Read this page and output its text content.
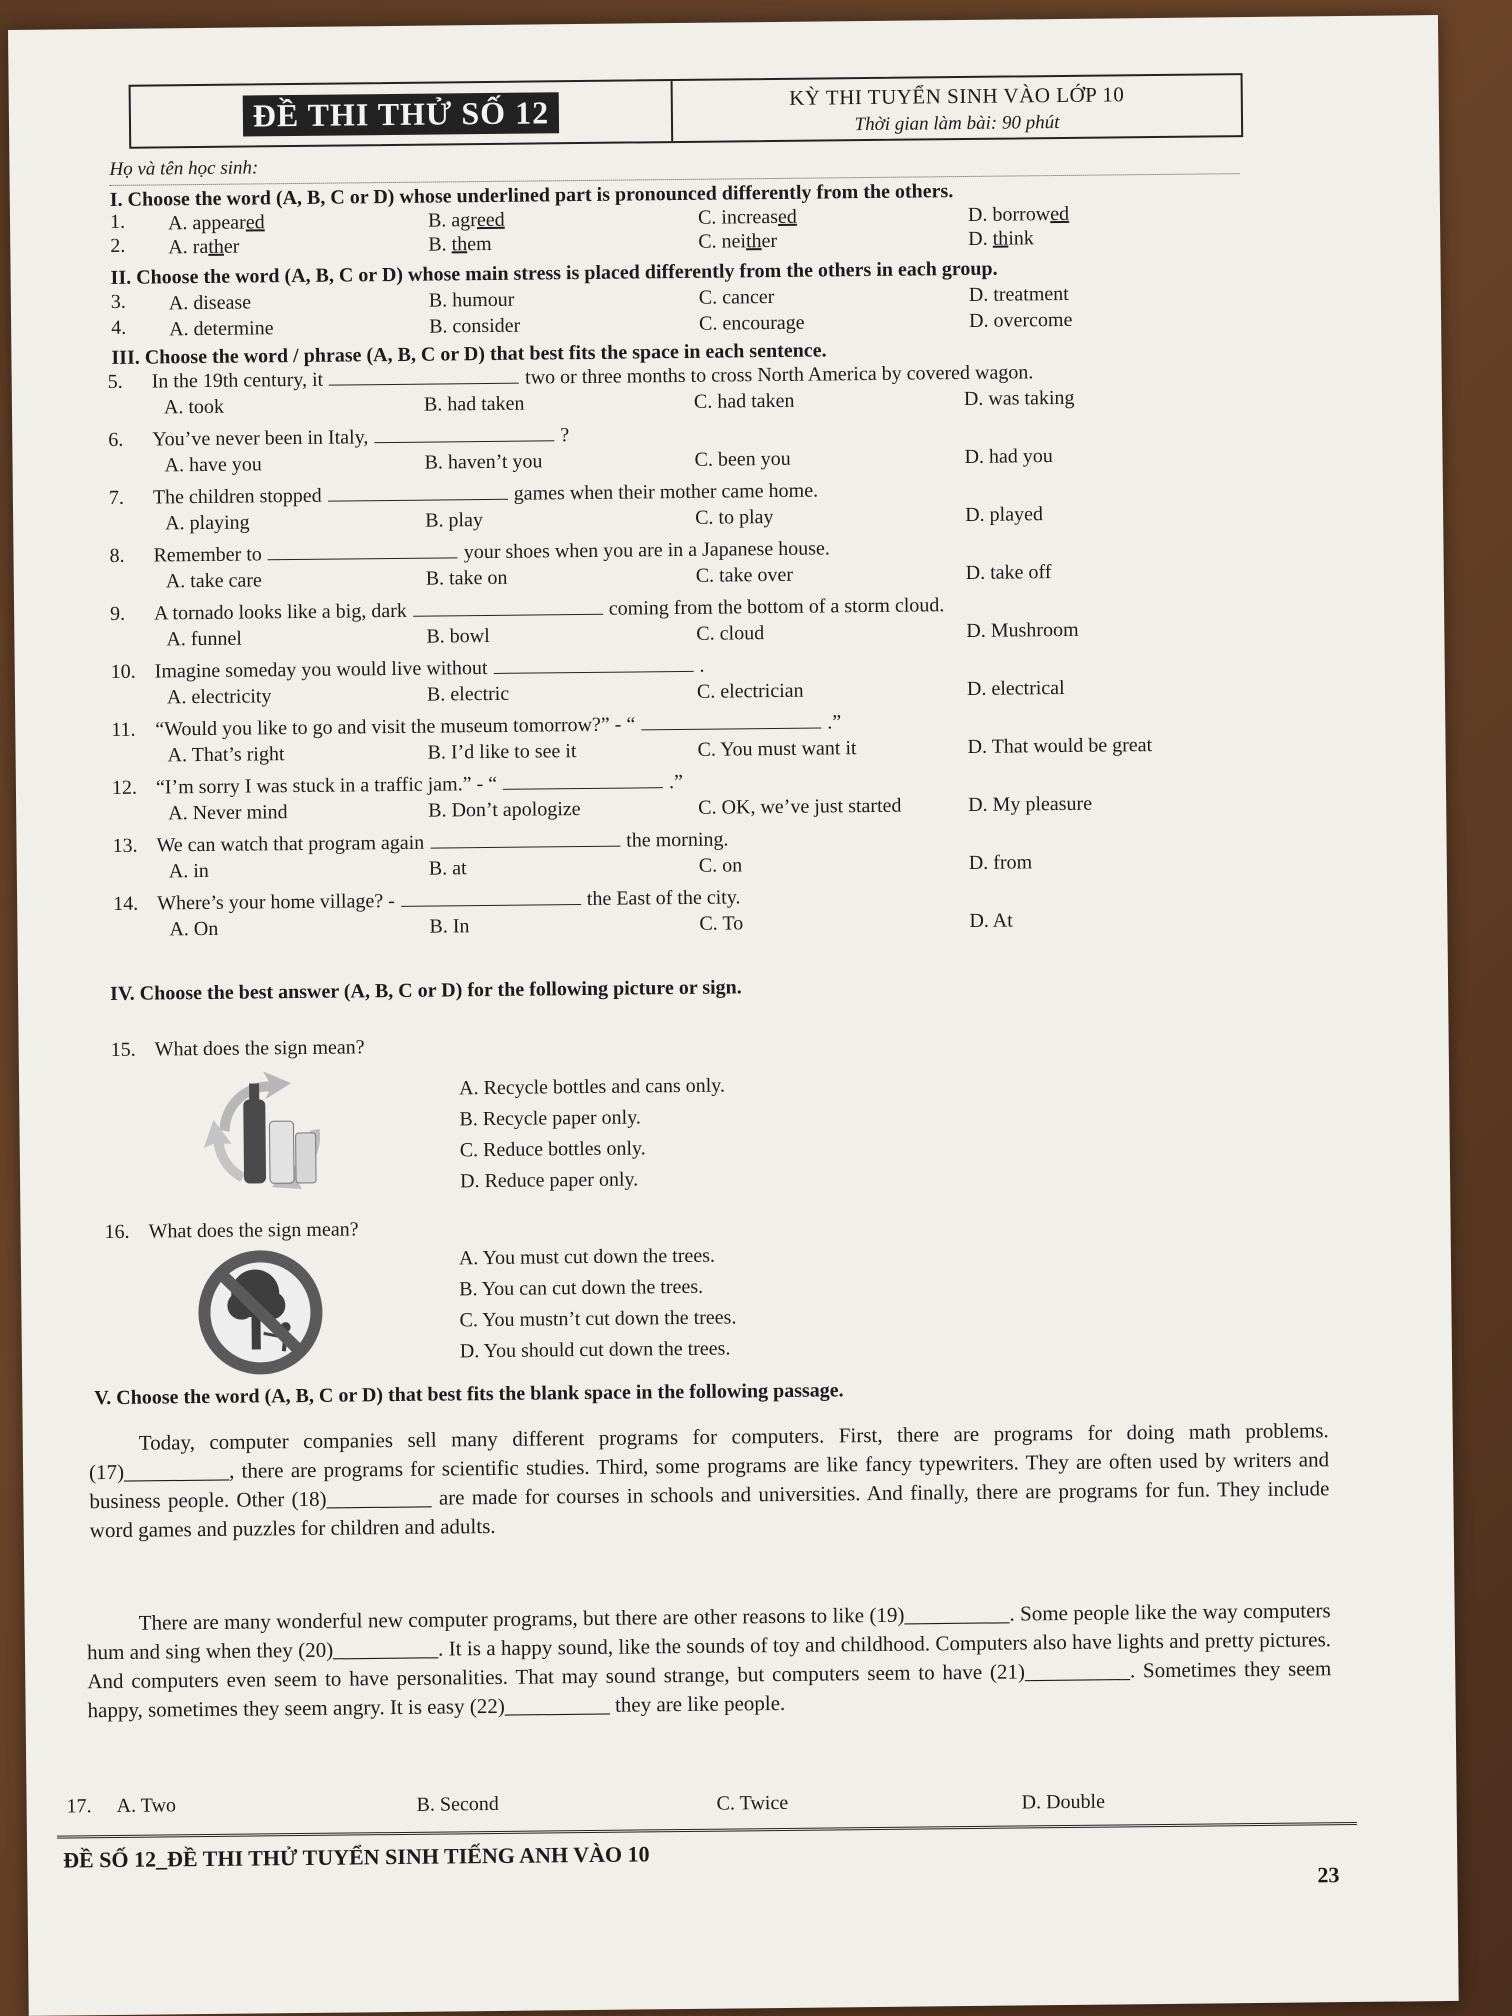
ĐỀ THI THỬ SỐ 12	KỲ THI TUYỂN SINH VÀO LỚP 10
Thời gian làm bài: 90 phút
Họ và tên học sinh:
I. Choose the word (A, B, C or D) whose underlined part is pronounced differently from the others.
1. A. appeared	B. agreed	C. increased	D. borrowed
2. A. rather	B. them	C. neither	D. think
II. Choose the word (A, B, C or D) whose main stress is placed differently from the others in each group.
3. A. disease	B. humour	C. cancer	D. treatment
4. A. determine	B. consider	C. encourage	D. overcome
III. Choose the word / phrase (A, B, C or D) that best fits the space in each sentence.
5. In the 19th century, it	two or three months to cross North America by covered wagon.
A. took	B. had taken	C. had taken	D. was taking
6. You’ve never been in Italy,	?
A. have you	B. haven’t you	C. been you	D. had you
7. The children stopped	games when their mother came home.
A. playing	B. play	C. to play	D. played
8. Remember to	your shoes when you are in a Japanese house.
A. take care	B. take on	C. take over	D. take off
9. A tornado looks like a big, dark	coming from the bottom of a storm cloud.
A. funnel	B. bowl	C. cloud	D. Mushroom
10. Imagine someday you would live without	.
A. electricity	B. electric	C. electrician	D. electrical
11. “Would you like to go and visit the museum tomorrow?” - “	.”
A. That’s right	B. I’d like to see it	C. You must want it	D. That would be great
12. “I’m sorry I was stuck in a traffic jam.” - “	.”
A. Never mind	B. Don’t apologize	C. OK, we’ve just started	D. My pleasure
13. We can watch that program again	the morning.
A. in	B. at	C. on	D. from
14. Where’s your home village? -	the East of the city.
A. On	B. In	C. To	D. At
IV. Choose the best answer (A, B, C or D) for the following picture or sign.
15. What does the sign mean?
A. Recycle bottles and cans only.
B. Recycle paper only.
C. Reduce bottles only.
D. Reduce paper only.
16. What does the sign mean?
A. You must cut down the trees.
B. You can cut down the trees.
C. You mustn’t cut down the trees.
D. You should cut down the trees.
V. Choose the word (A, B, C or D) that best fits the blank space in the following passage.
Today, computer companies sell many different programs for computers. First, there are programs for doing math problems. (17)__________, there are programs for scientific studies. Third, some programs are like fancy typewriters. They are often used by writers and business people. Other (18)__________ are made for courses in schools and universities. And finally, there are programs for fun. They include word games and puzzles for children and adults.
There are many wonderful new computer programs, but there are other reasons to like (19)__________. Some people like the way computers hum and sing when they (20)__________. It is a happy sound, like the sounds of toy and childhood. Computers also have lights and pretty pictures. And computers even seem to have personalities. That may sound strange, but computers seem to have (21)__________. Sometimes they seem happy, sometimes they seem angry. It is easy (22)__________ they are like people.
17. A. Two	B. Second	C. Twice	D. Double
ĐỀ SỐ 12_ĐỀ THI THỬ TUYỂN SINH TIẾNG ANH VÀO 10
23
